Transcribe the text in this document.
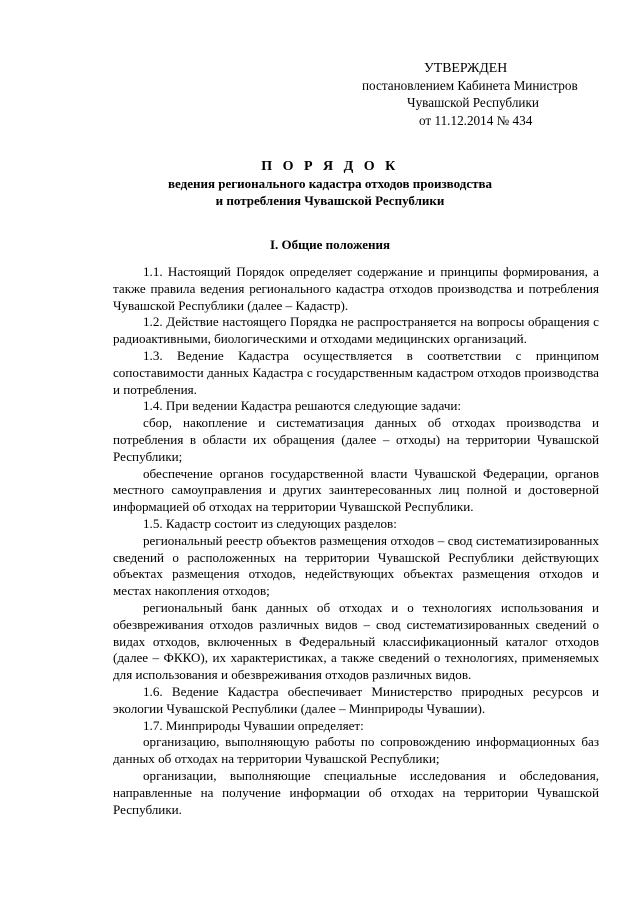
УТВЕРЖДЕН
постановлением Кабинета Министров
Чувашской Республики
от 11.12.2014 № 434
П О Р Я Д О К
ведения регионального кадастра отходов производства
и потребления Чувашской Республики
I. Общие положения

1.1. Настоящий Порядок определяет содержание и принципы формирования, а также правила ведения регионального кадастра отходов производства и потребления Чувашской Республики (далее – Кадастр).

1.2. Действие настоящего Порядка не распространяется на вопросы обращения с радиоактивными, биологическими и отходами медицинских организаций.

1.3. Ведение Кадастра осуществляется в соответствии с принципом сопоставимости данных Кадастра с государственным кадастром отходов производства и потребления.

1.4. При ведении Кадастра решаются следующие задачи:

сбор, накопление и систематизация данных об отходах производства и потребления в области их обращения (далее – отходы) на территории Чувашской Республики;

обеспечение органов государственной власти Чувашской Федерации, органов местного самоуправления и других заинтересованных лиц полной и достоверной информацией об отходах на территории Чувашской Республики.

1.5. Кадастр состоит из следующих разделов:

региональный реестр объектов размещения отходов – свод систематизированных сведений о расположенных на территории Чувашской Республики действующих объектах размещения отходов, недействующих объектах размещения отходов и местах накопления отходов;

региональный банк данных об отходах и о технологиях использования и обезвреживания отходов различных видов – свод систематизированных сведений о видах отходов, включенных в Федеральный классификационный каталог отходов (далее – ФККО), их характеристиках, а также сведений о технологиях, применяемых для использования и обезвреживания отходов различных видов.

1.6. Ведение Кадастра обеспечивает Министерство природных ресурсов и экологии Чувашской Республики (далее – Минприроды Чувашии).

1.7. Минприроды Чувашии определяет:

организацию, выполняющую работы по сопровождению информационных баз данных об отходах на территории Чувашской Республики;

организации, выполняющие специальные исследования и обследования, направленные на получение информации об отходах на территории Чувашской Республики.
